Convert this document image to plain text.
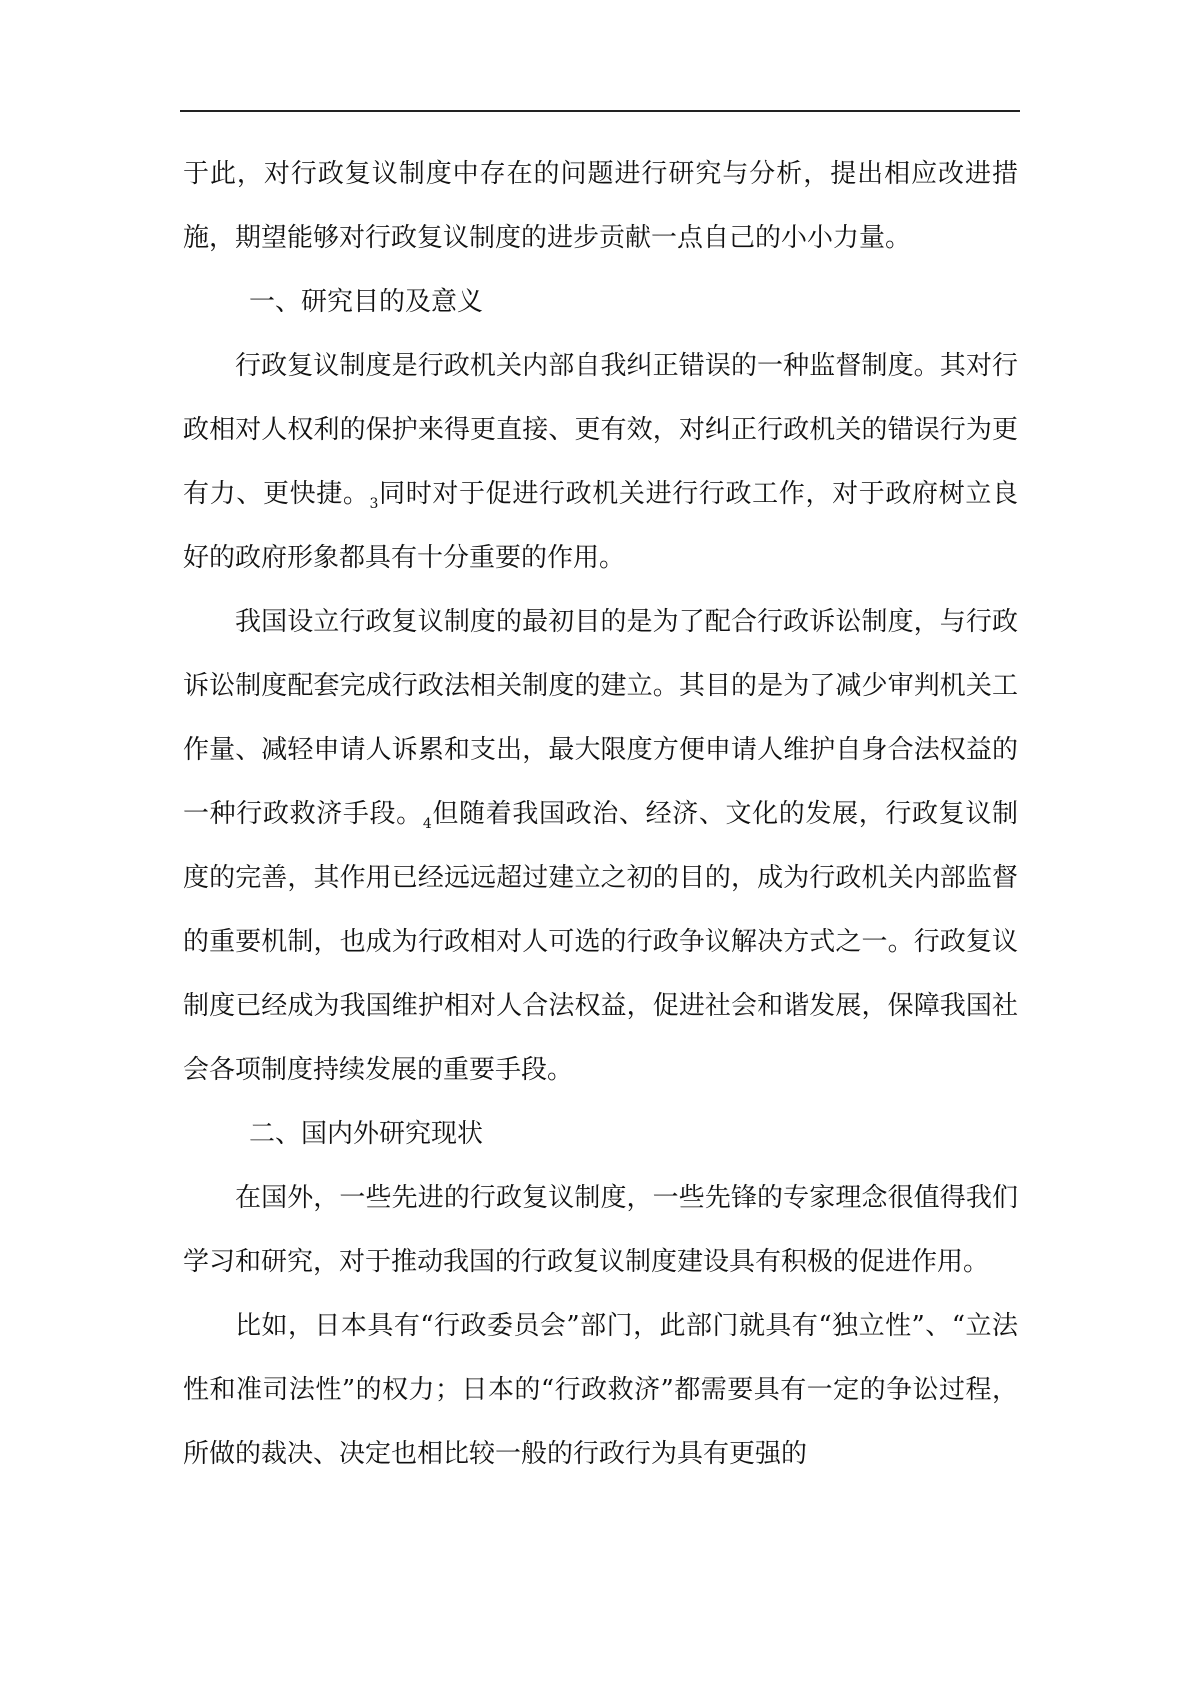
于此，对行政复议制度中存在的问题进行研究与分析，提出相应改进措施，期望能够对行政复议制度的进步贡献一点自己的小小力量。

一、研究目的及意义

行政复议制度是行政机关内部自我纠正错误的一种监督制度。其对行政相对人权利的保护来得更直接、更有效，对纠正行政机关的错误行为更有力、更快捷。$_3$同时对于促进行政机关进行行政工作，对于政府树立良好的政府形象都具有十分重要的作用。

我国设立行政复议制度的最初目的是为了配合行政诉讼制度，与行政诉讼制度配套完成行政法相关制度的建立。其目的是为了减少审判机关工作量、减轻申请人诉累和支出，最大限度方便申请人维护自身合法权益的一种行政救济手段。$_4$但随着我国政治、经济、文化的发展，行政复议制度的完善，其作用已经远远超过建立之初的目的，成为行政机关内部监督的重要机制，也成为行政相对人可选的行政争议解决方式之一。行政复议制度已经成为我国维护相对人合法权益，促进社会和谐发展，保障我国社会各项制度持续发展的重要手段。

二、国内外研究现状

在国外，一些先进的行政复议制度，一些先锋的专家理念很值得我们学习和研究，对于推动我国的行政复议制度建设具有积极的促进作用。

比如，日本具有“行政委员会”部门，此部门就具有“独立性”、“立法性和准司法性”的权力；日本的“行政救济”都需要具有一定的争讼过程，所做的裁决、决定也相比较一般的行政行为具有更强的
